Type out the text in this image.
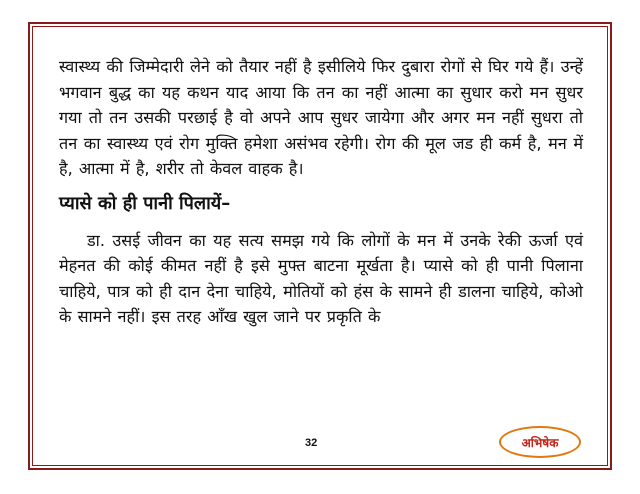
स्वास्थ्य की जिम्मेदारी लेने को तैयार नहीं है इसीलिये फिर दुबारा रोगों से घिर गये हैं। उन्हें भगवान बुद्ध का यह कथन याद आया कि तन का नहीं आत्मा का सुधार करो मन सुधर गया तो तन उसकी परछाई है वो अपने आप सुधर जायेगा और अगर मन नहीं सुधरा तो तन का स्वास्थ्य एवं रोग मुक्ति हमेशा असंभव रहेगी। रोग की मूल जड ही कर्म है, मन में है, आत्मा में है, शरीर तो केवल वाहक है।

प्यासे को ही पानी पिलायें–

डा. उसई जीवन का यह सत्य समझ गये कि लोगों के मन में उनके रेकी ऊर्जा एवं मेहनत की कोई कीमत नहीं है इसे मुफ्त बाटना मूर्खता है। प्यासे को ही पानी पिलाना चाहिये, पात्र को ही दान देना चाहिये, मोतियों को हंस के सामने ही डालना चाहिये, कोओ के सामने नहीं। इस तरह आँख खुल जाने पर प्रकृति के

32	अभिषेक
